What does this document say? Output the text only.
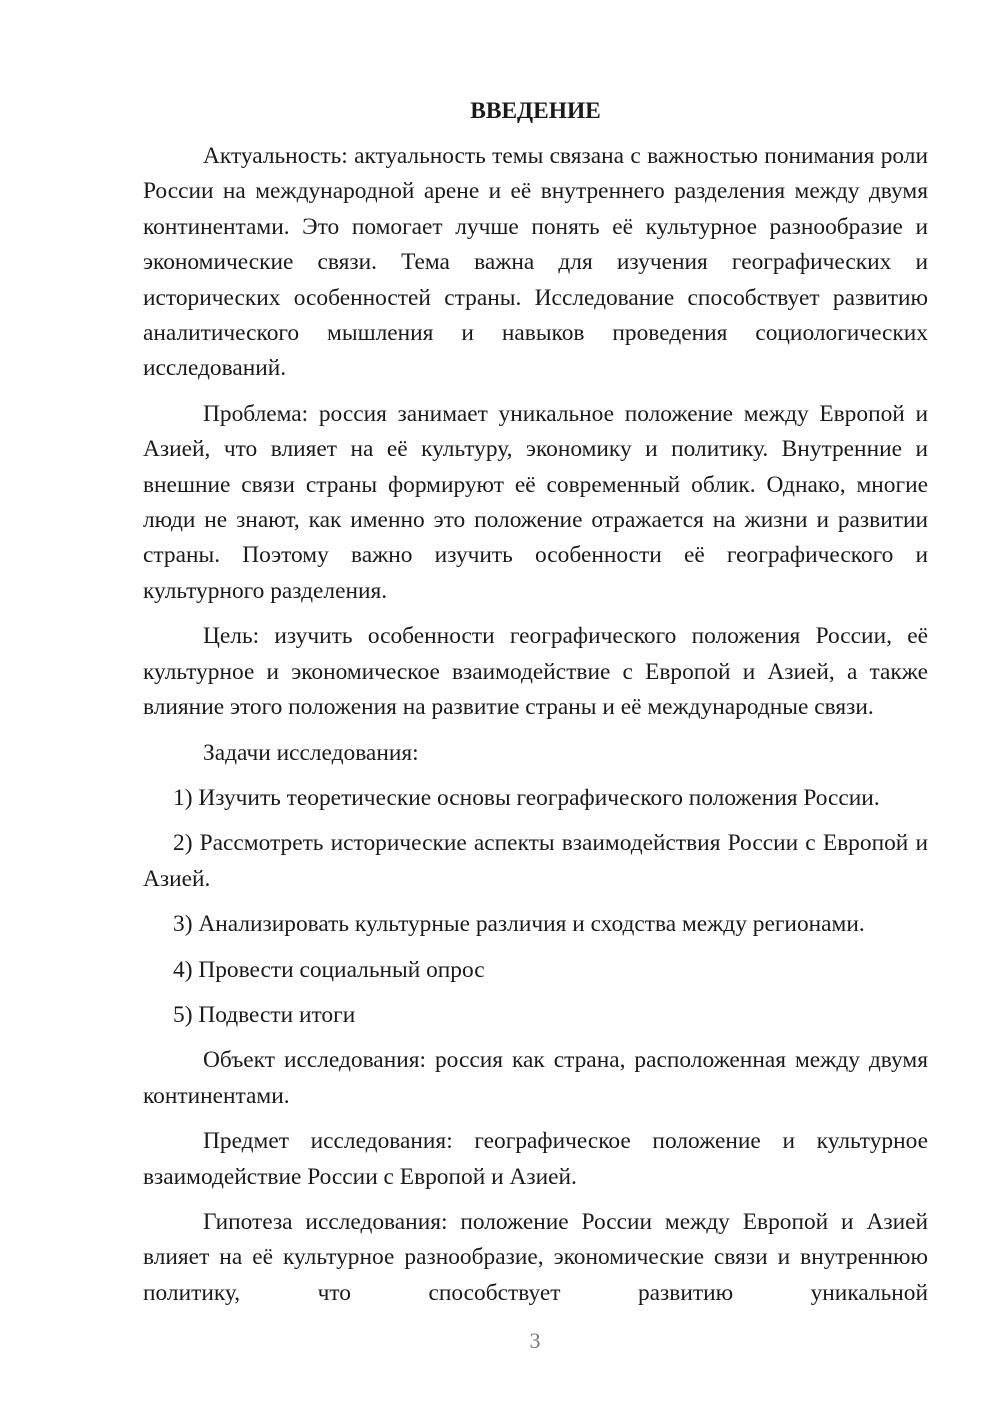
ВВЕДЕНИЕ

Актуальность: актуальность темы связана с важностью понимания роли России на международной арене и её внутреннего разделения между двумя континентами. Это помогает лучше понять её культурное разнообразие и экономические связи. Тема важна для изучения географических и исторических особенностей страны. Исследование способствует развитию аналитического мышления и навыков проведения социологических исследований.

Проблема: россия занимает уникальное положение между Европой и Азией, что влияет на её культуру, экономику и политику. Внутренние и внешние связи страны формируют её современный облик. Однако, многие люди не знают, как именно это положение отражается на жизни и развитии страны. Поэтому важно изучить особенности её географического и культурного разделения.

Цель: изучить особенности географического положения России, её культурное и экономическое взаимодействие с Европой и Азией, а также влияние этого положения на развитие страны и её международные связи.

Задачи исследования:

1) Изучить теоретические основы географического положения России.

2) Рассмотреть исторические аспекты взаимодействия России с Европой и Азией.

3) Анализировать культурные различия и сходства между регионами.

4) Провести социальный опрос

5) Подвести итоги

Объект исследования: россия как страна, расположенная между двумя континентами.

Предмет исследования: географическое положение и культурное взаимодействие России с Европой и Азией.

Гипотеза исследования: положение России между Европой и Азией влияет на её культурное разнообразие, экономические связи и внутреннюю политику, что способствует развитию уникальной

3
